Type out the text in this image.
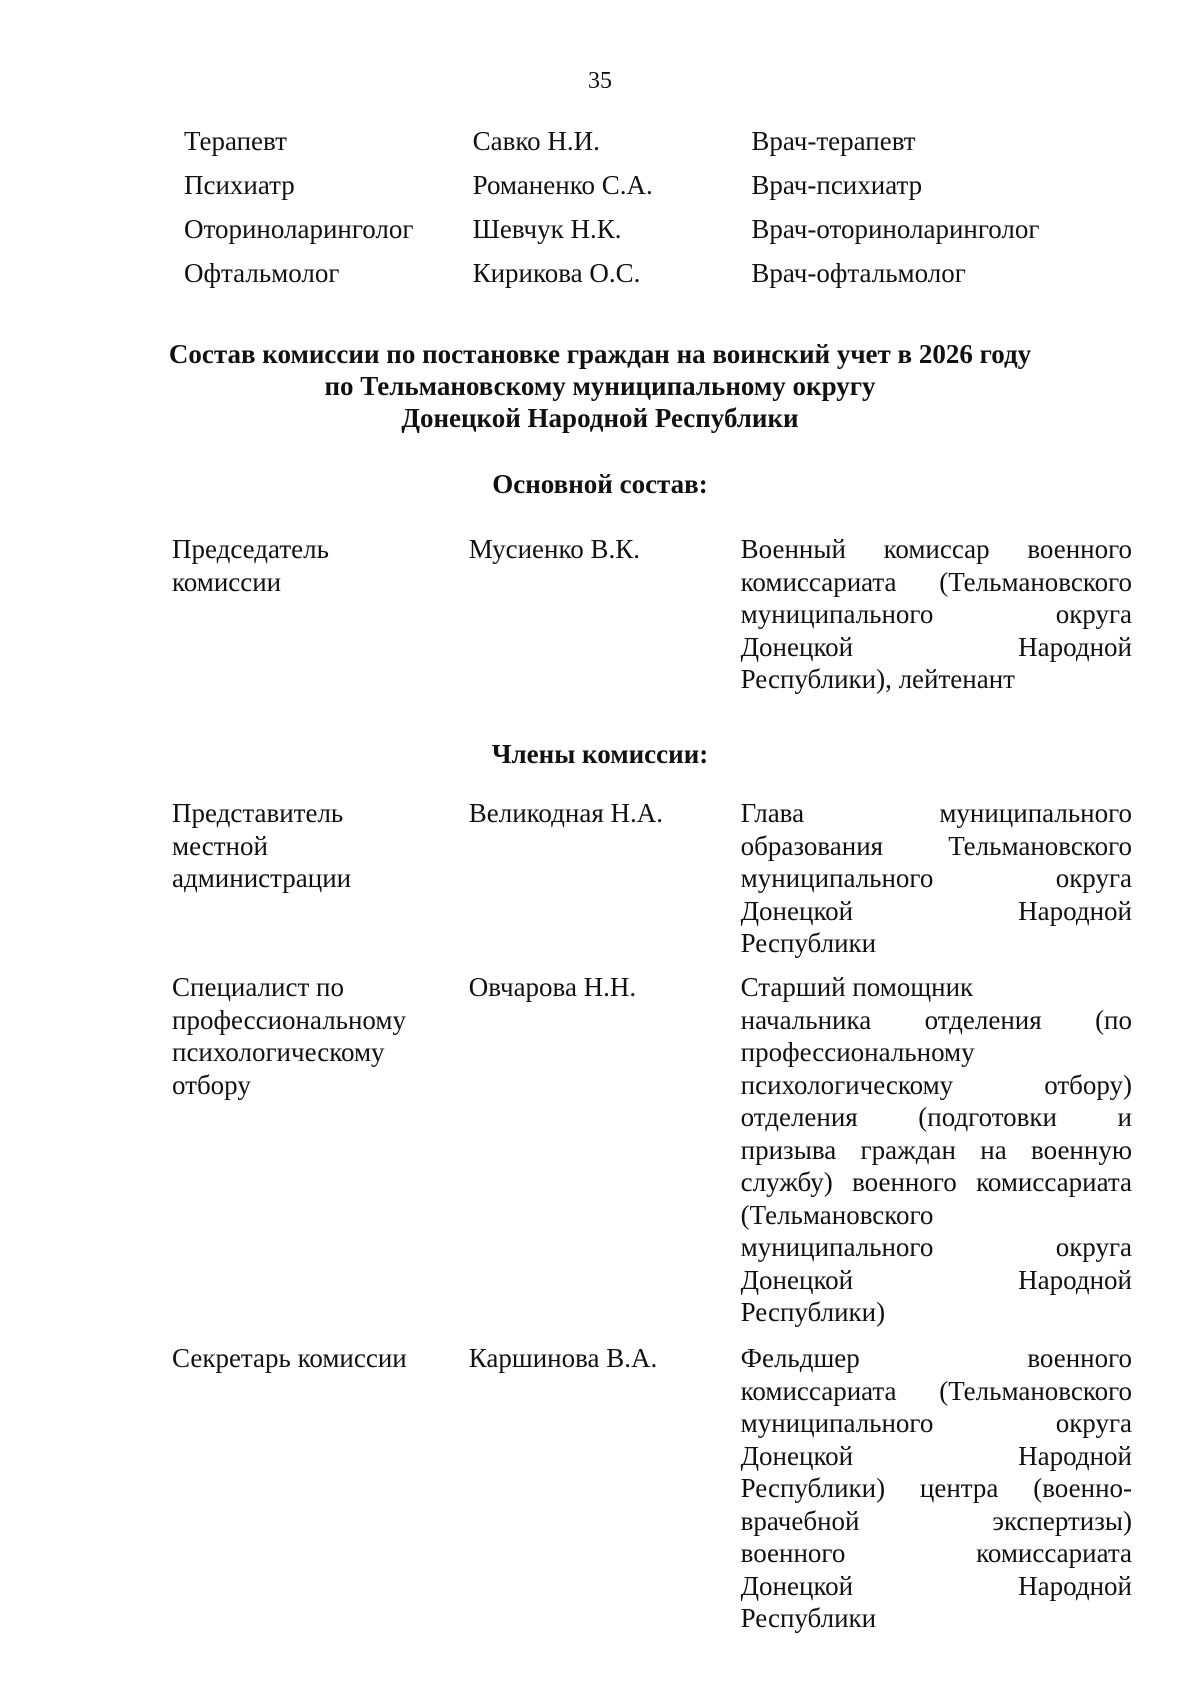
35
Терапевт	Савко Н.И.	Врач-терапевт
Психиатр	Романенко С.А.	Врач-психиатр
Оториноларинголог	Шевчук Н.К.	Врач-оториноларинголог
Офтальмолог	Кирикова О.С.	Врач-офтальмолог
Состав комиссии по постановке граждан на воинский учет в 2026 году
по Тельмановскому муниципальному округу
Донецкой Народной Республики
Основной состав:
Председатель
комиссии
Мусиенко В.К.	Военный комиссар военного
комиссариата (Тельмановского
муниципального округа
Донецкой Народной
Республики), лейтенант
Члены комиссии:
Представитель
местной
администрации
Великодная Н.А.	Глава муниципального
образования Тельмановского
муниципального округа
Донецкой Народной
Республики
Специалист по
профессиональному
психологическому
отбору
Овчарова Н.Н.	Старший помощник
начальника отделения (по
профессиональному
психологическому отбору)
отделения (подготовки и
призыва граждан на военную
службу) военного комиссариата
(Тельмановского
муниципального округа
Донецкой Народной
Республики)
Секретарь комиссии	Каршинова В.А.	Фельдшер военного
комиссариата (Тельмановского
муниципального округа
Донецкой Народной
Республики) центра (военно-
врачебной экспертизы)
военного комиссариата
Донецкой Народной
Республики
